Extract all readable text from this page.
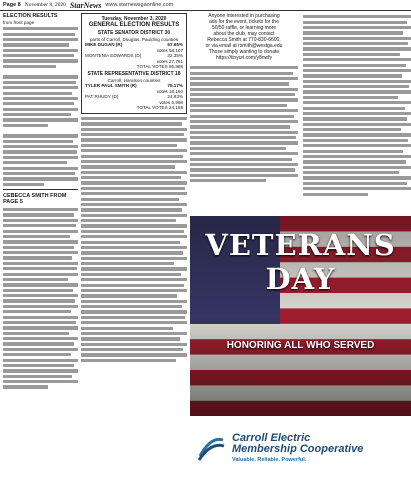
Page 8 November 8, 2020 StarNews www.starnewsgaonline.com
ELECTION RESULTS
from front page
CEBECCA SMITH FROM PAGE 5
Tuesday, November 3, 2020
GENERAL ELECTION RESULTS
STATE SENATOR DISTRICT 30
parts of Carroll, Douglas, Paulding counties
MIKE DUGAN (R)	67.65%
votes 58,107
MONTENIA EDWARDS (D)	32.35%
votes 27,781
TOTAL VOTES 85,888
STATE REPRESENTATIVE DISTRICT 18
Carroll, Haralson counties
TYLER PAUL SMITH (R)	75.17%
votes 18,160
PAT RHUDY (D)	24.83%
votes 5,998
TOTAL VOTES 24,158
Anyone interested in purchasing
ads for the event, tickets for the
50/50 raffle, or learning more
about the club, may contact
Rebecca Smith at 770-830-6600,
or via email at rsmith@westga.edu
Those simply wanting to donate
https://tinyurl.com/y8nwfy
VETERANS
DAY
HONORING ALL WHO SERVED
Carroll Electric
Membership Cooperative
Valuable. Reliable. Powerful.
